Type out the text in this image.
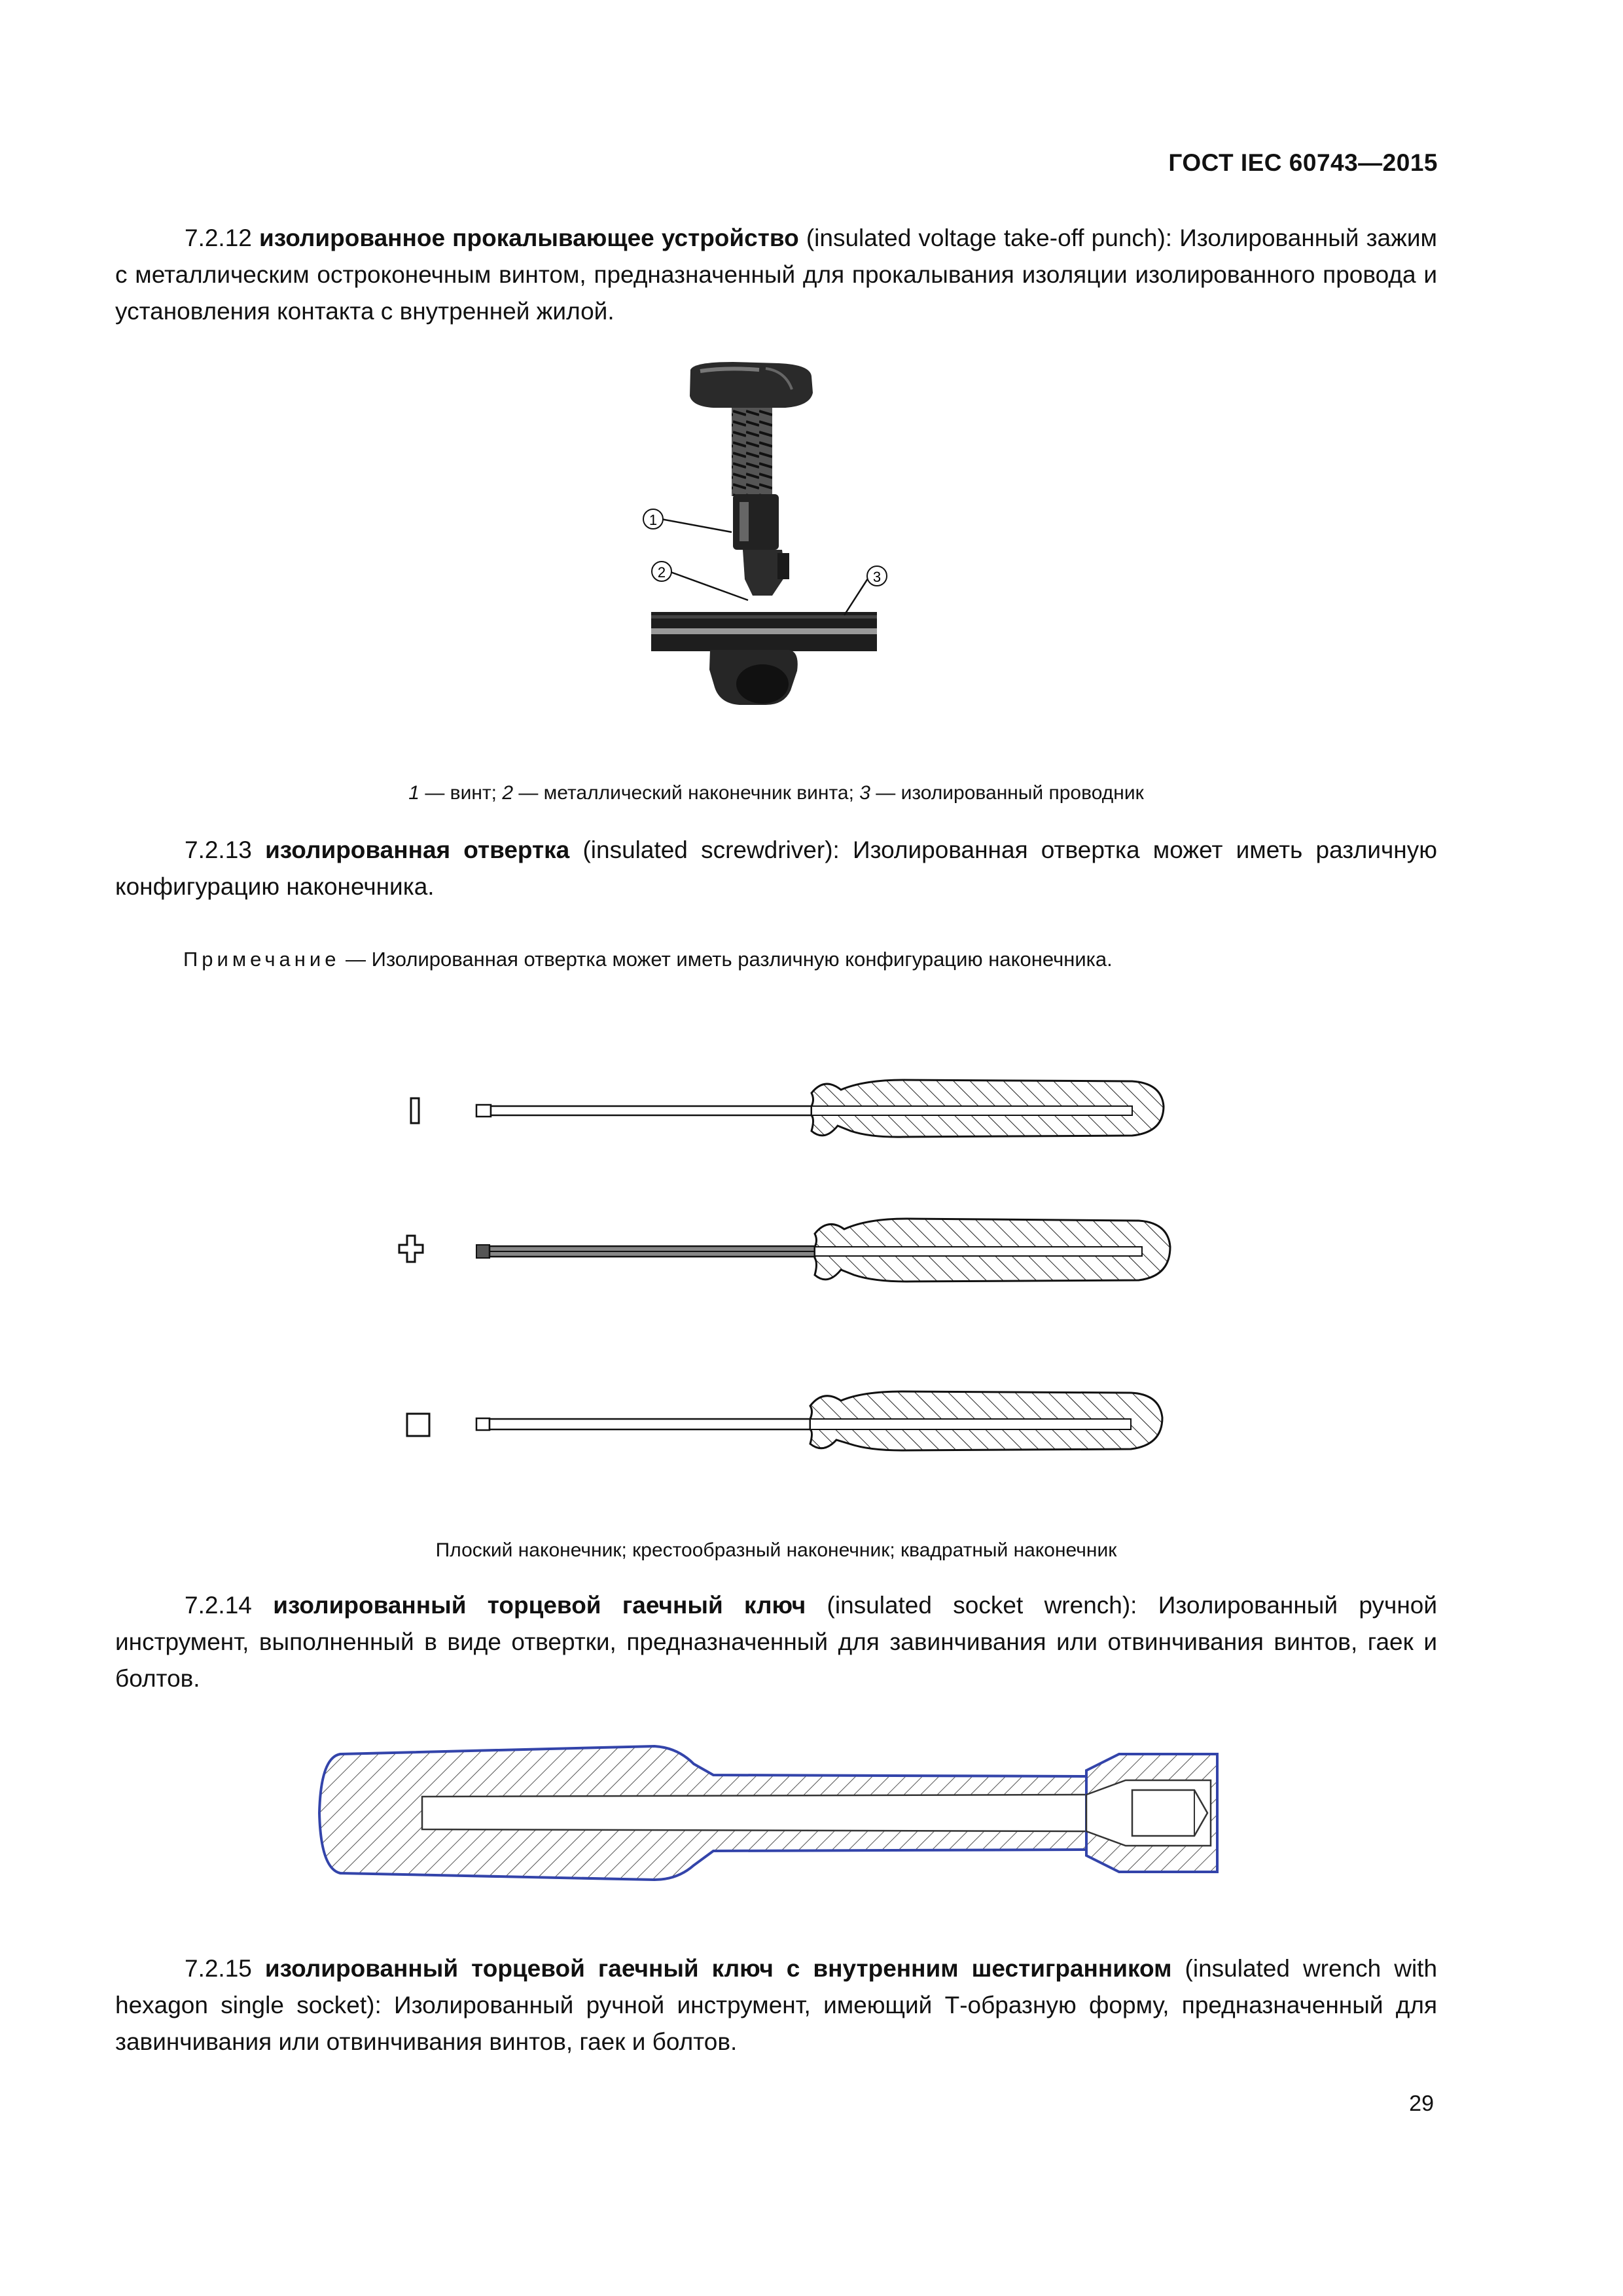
ГОСТ IEC 60743—2015
7.2.12 изолированное прокалывающее устройство (insulated voltage take-off punch): Изолированный зажим с металлическим остроконечным винтом, предназначенный для прокалывания изоляции изолированного провода и установления контакта с внутренней жилой.
1
2	3
1 — винт; 2 — металлический наконечник винта; 3 — изолированный проводник
7.2.13 изолированная отвертка (insulated screwdriver): Изолированная отвертка может иметь различную конфигурацию наконечника.
Примечание — Изолированная отвертка может иметь различную конфигурацию наконечника.
Плоский наконечник; крестообразный наконечник; квадратный наконечник
7.2.14 изолированный торцевой гаечный ключ (insulated socket wrench): Изолированный ручной инструмент, выполненный в виде отвертки, предназначенный для завинчивания или отвинчивания винтов, гаек и болтов.
7.2.15 изолированный торцевой гаечный ключ с внутренним шестигранником (insulated wrench with hexagon single socket): Изолированный ручной инструмент, имеющий Т-образную форму, предназначенный для завинчивания или отвинчивания винтов, гаек и болтов.
29
